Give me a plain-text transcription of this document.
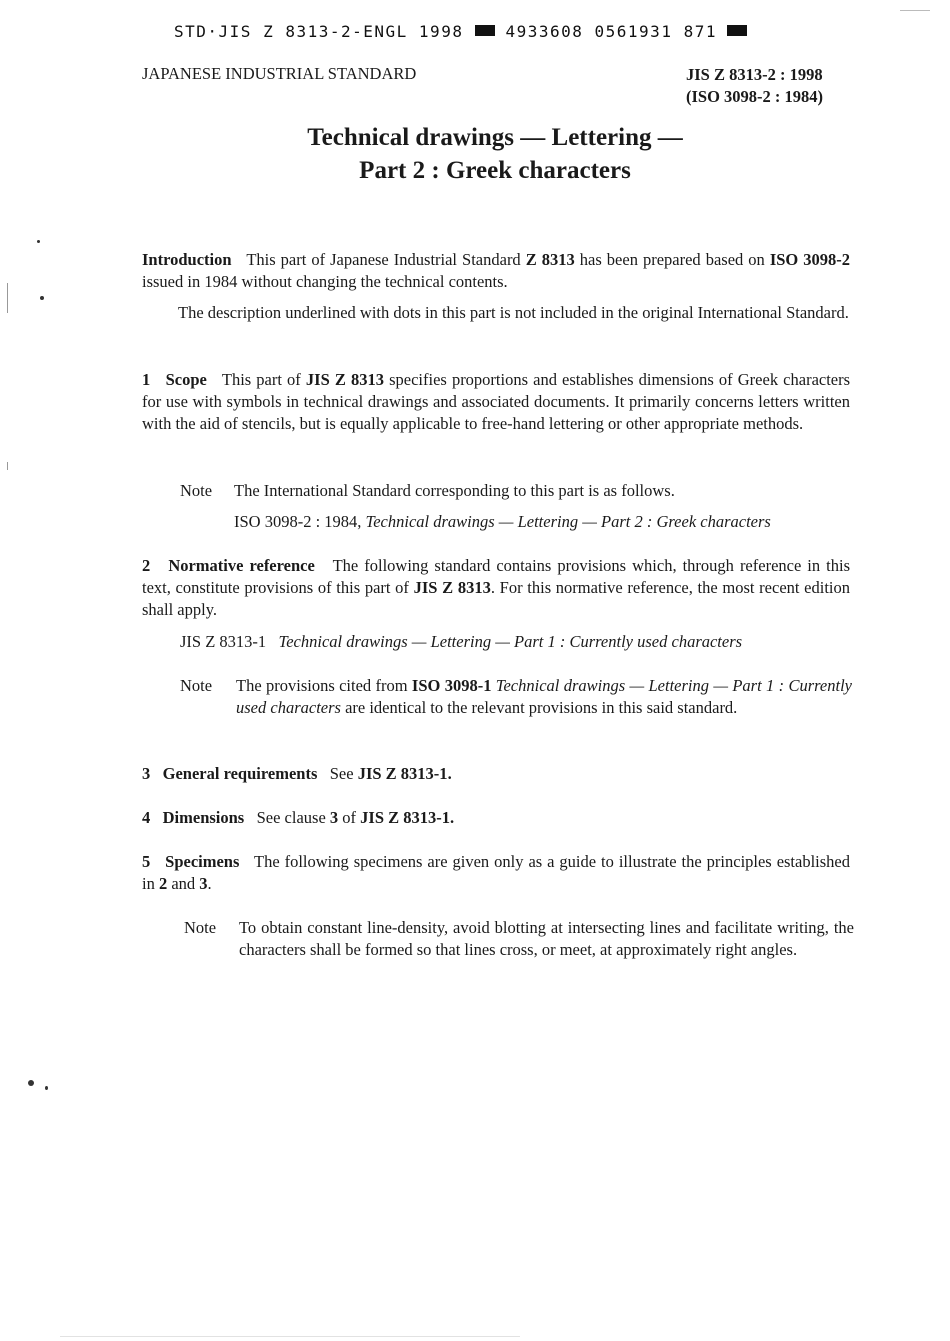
STD·JIS Z 8313-2-ENGL 1998	4933608 0561931 871
JAPANESE INDUSTRIAL STANDARD	JIS Z 8313-2 : 1998
(ISO 3098-2 : 1984)
Technical drawings — Lettering —
Part 2 : Greek characters
Introduction This part of Japanese Industrial Standard Z 8313 has been prepared based on ISO 3098-2 issued in 1984 without changing the technical contents.
The description underlined with dots in this part is not included in the original International Standard.
1 Scope This part of JIS Z 8313 specifies proportions and establishes dimensions of Greek characters for use with symbols in technical drawings and associated documents. It primarily concerns letters written with the aid of stencils, but is equally applicable to free-hand lettering or other appropriate methods.
Note	The International Standard corresponding to this part is as follows.
ISO 3098-2 : 1984, Technical drawings — Lettering — Part 2 : Greek characters
2 Normative reference The following standard contains provisions which, through reference in this text, constitute provisions of this part of JIS Z 8313. For this normative reference, the most recent edition shall apply.
JIS Z 8313-1 Technical drawings — Lettering — Part 1 : Currently used characters
Note	The provisions cited from ISO 3098-1 Technical drawings — Lettering — Part 1 : Currently used characters are identical to the relevant provisions in this said standard.
3 General requirements See JIS Z 8313-1.
4 Dimensions See clause 3 of JIS Z 8313-1.
5 Specimens The following specimens are given only as a guide to illustrate the principles established in 2 and 3.
Note	To obtain constant line-density, avoid blotting at intersecting lines and facilitate writing, the characters shall be formed so that lines cross, or meet, at approximately right angles.
